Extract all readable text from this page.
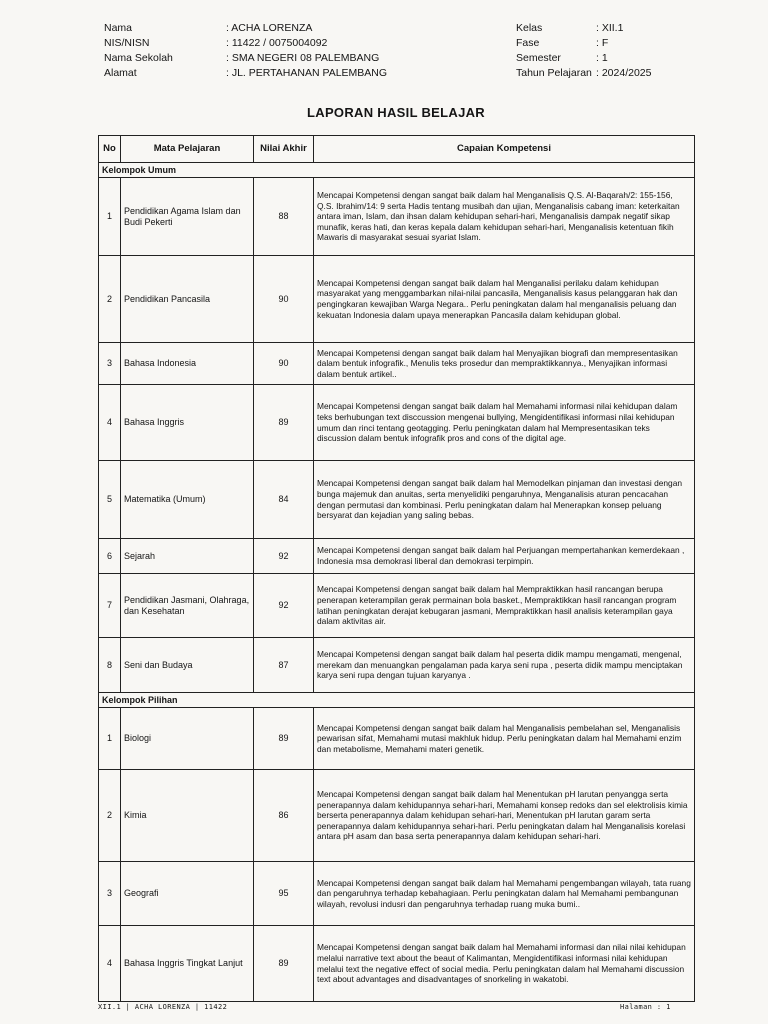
Nama	: ACHA LORENZA	Kelas	: XII.1
NIS/NISN	: 11422 / 0075004092	Fase	: F
Nama Sekolah	: SMA NEGERI 08 PALEMBANG	Semester	: 1
Alamat	: JL. PERTAHANAN PALEMBANG	Tahun Pelajaran : 2024/2025
LAPORAN HASIL BELAJAR
No	Mata Pelajaran	Nilai Akhir	Capaian Kompetensi
Kelompok Umum			
1	Pendidikan Agama Islam dan Budi Pekerti	88	Mencapai Kompetensi dengan sangat baik dalam hal Menganalisis Q.S. Al-Baqarah/2: 155-156, Q.S. Ibrahim/14: 9 serta Hadis tentang musibah dan ujian, Menganalisis cabang iman: keterkaitan antara iman, Islam, dan ihsan dalam kehidupan sehari-hari, Menganalisis dampak negatif sikap munafik, keras hati, dan keras kepala dalam kehidupan sehari-hari, Menganalisis ketentuan fikih Mawaris di masyarakat sesuai syariat Islam.
2	Pendidikan Pancasila	90	Mencapai Kompetensi dengan sangat baik dalam hal Menganalisi perilaku dalam kehidupan masyarakat yang menggambarkan nilai-nilai pancasila, Menganalisis kasus pelanggaran hak dan pengingkaran kewajiban Warga Negara.. Perlu peningkatan dalam hal menganalisis peluang dan kekuatan Indonesia dalam upaya menerapkan Pancasila dalam kehidupan global.
3	Bahasa Indonesia	90	Mencapai Kompetensi dengan sangat baik dalam hal Menyajikan biografi dan mempresentasikan dalam bentuk infografik., Menulis teks prosedur dan mempraktikkannya., Menyajikan informasi dalam bentuk artikel..
4	Bahasa Inggris	89	Mencapai Kompetensi dengan sangat baik dalam hal Memahami informasi nilai kehidupan dalam teks berhubungan text disccussion mengenai bullying, Mengidentifikasi informasi nilai kehidupan umum dan rinci tentang geotagging. Perlu peningkatan dalam hal Mempresentasikan teks discussion dalam bentuk infografik pros and cons of the digital age.
5	Matematika (Umum)	84	Mencapai Kompetensi dengan sangat baik dalam hal Memodelkan pinjaman dan investasi dengan bunga majemuk dan anuitas, serta menyelidiki pengaruhnya, Menganalisis aturan pencacahan dengan permutasi dan kombinasi. Perlu peningkatan dalam hal Menerapkan konsep peluang bersyarat dan kejadian yang saling bebas.
6	Sejarah	92	Mencapai Kompetensi dengan sangat baik dalam hal Perjuangan mempertahankan kemerdekaan , Indonesia msa demokrasi liberal dan demokrasi terpimpin.
7	Pendidikan Jasmani, Olahraga, dan Kesehatan	92	Mencapai Kompetensi dengan sangat baik dalam hal Mempraktikkan hasil rancangan berupa penerapan keterampilan gerak permainan bola basket., Mempraktikkan hasil rancangan program latihan peningkatan derajat kebugaran jasmani, Mempraktikkan hasil analisis keterampilan gaya dalam aktivitas air.
8	Seni dan Budaya	87	Mencapai Kompetensi dengan sangat baik dalam hal peserta didik mampu mengamati, mengenal, merekam dan menuangkan pengalaman pada karya seni rupa , peserta didik mampu menciptakan karya seni rupa dengan tujuan karyanya .
Kelompok Pilihan			
1	Biologi	89	Mencapai Kompetensi dengan sangat baik dalam hal Menganalisis pembelahan sel, Menganalisis pewarisan sifat, Memahami mutasi makhluk hidup. Perlu peningkatan dalam hal Memahami enzim dan metabolisme, Memahami materi genetik.
2	Kimia	86	Mencapai Kompetensi dengan sangat baik dalam hal Menentukan pH larutan penyangga serta penerapannya dalam kehidupannya sehari-hari, Memahami konsep redoks dan sel elektrolisis kimia berserta penerapannya dalam kehidupan sehari-hari, Menentukan pH larutan garam serta penerapannya dalam kehidupannya sehari-hari. Perlu peningkatan dalam hal Menganalisis korelasi antara pH asam dan basa serta penerapannya dalam kehidupan sehari-hari.
3	Geografi	95	Mencapai Kompetensi dengan sangat baik dalam hal Memahami pengembangan wilayah, tata ruang dan pengaruhnya terhadap kebahagiaan. Perlu peningkatan dalam hal Memahami pembangunan wilayah, revolusi indusri dan pengaruhnya terhadap ruang muka bumi..
4	Bahasa Inggris Tingkat Lanjut	89	Mencapai Kompetensi dengan sangat baik dalam hal Memahami informasi dan nilai nilai kehidupan melalui narrative text about the beaut of Kalimantan, Mengidentifikasi informasi nilai kehidupan melalui text the negative effect of social media. Perlu peningkatan dalam hal Memahami discussion text about advantages and disadvantages of snorkeling in wakatobi.
XII.1 | ACHA LORENZA | 11422	Halaman : 1
